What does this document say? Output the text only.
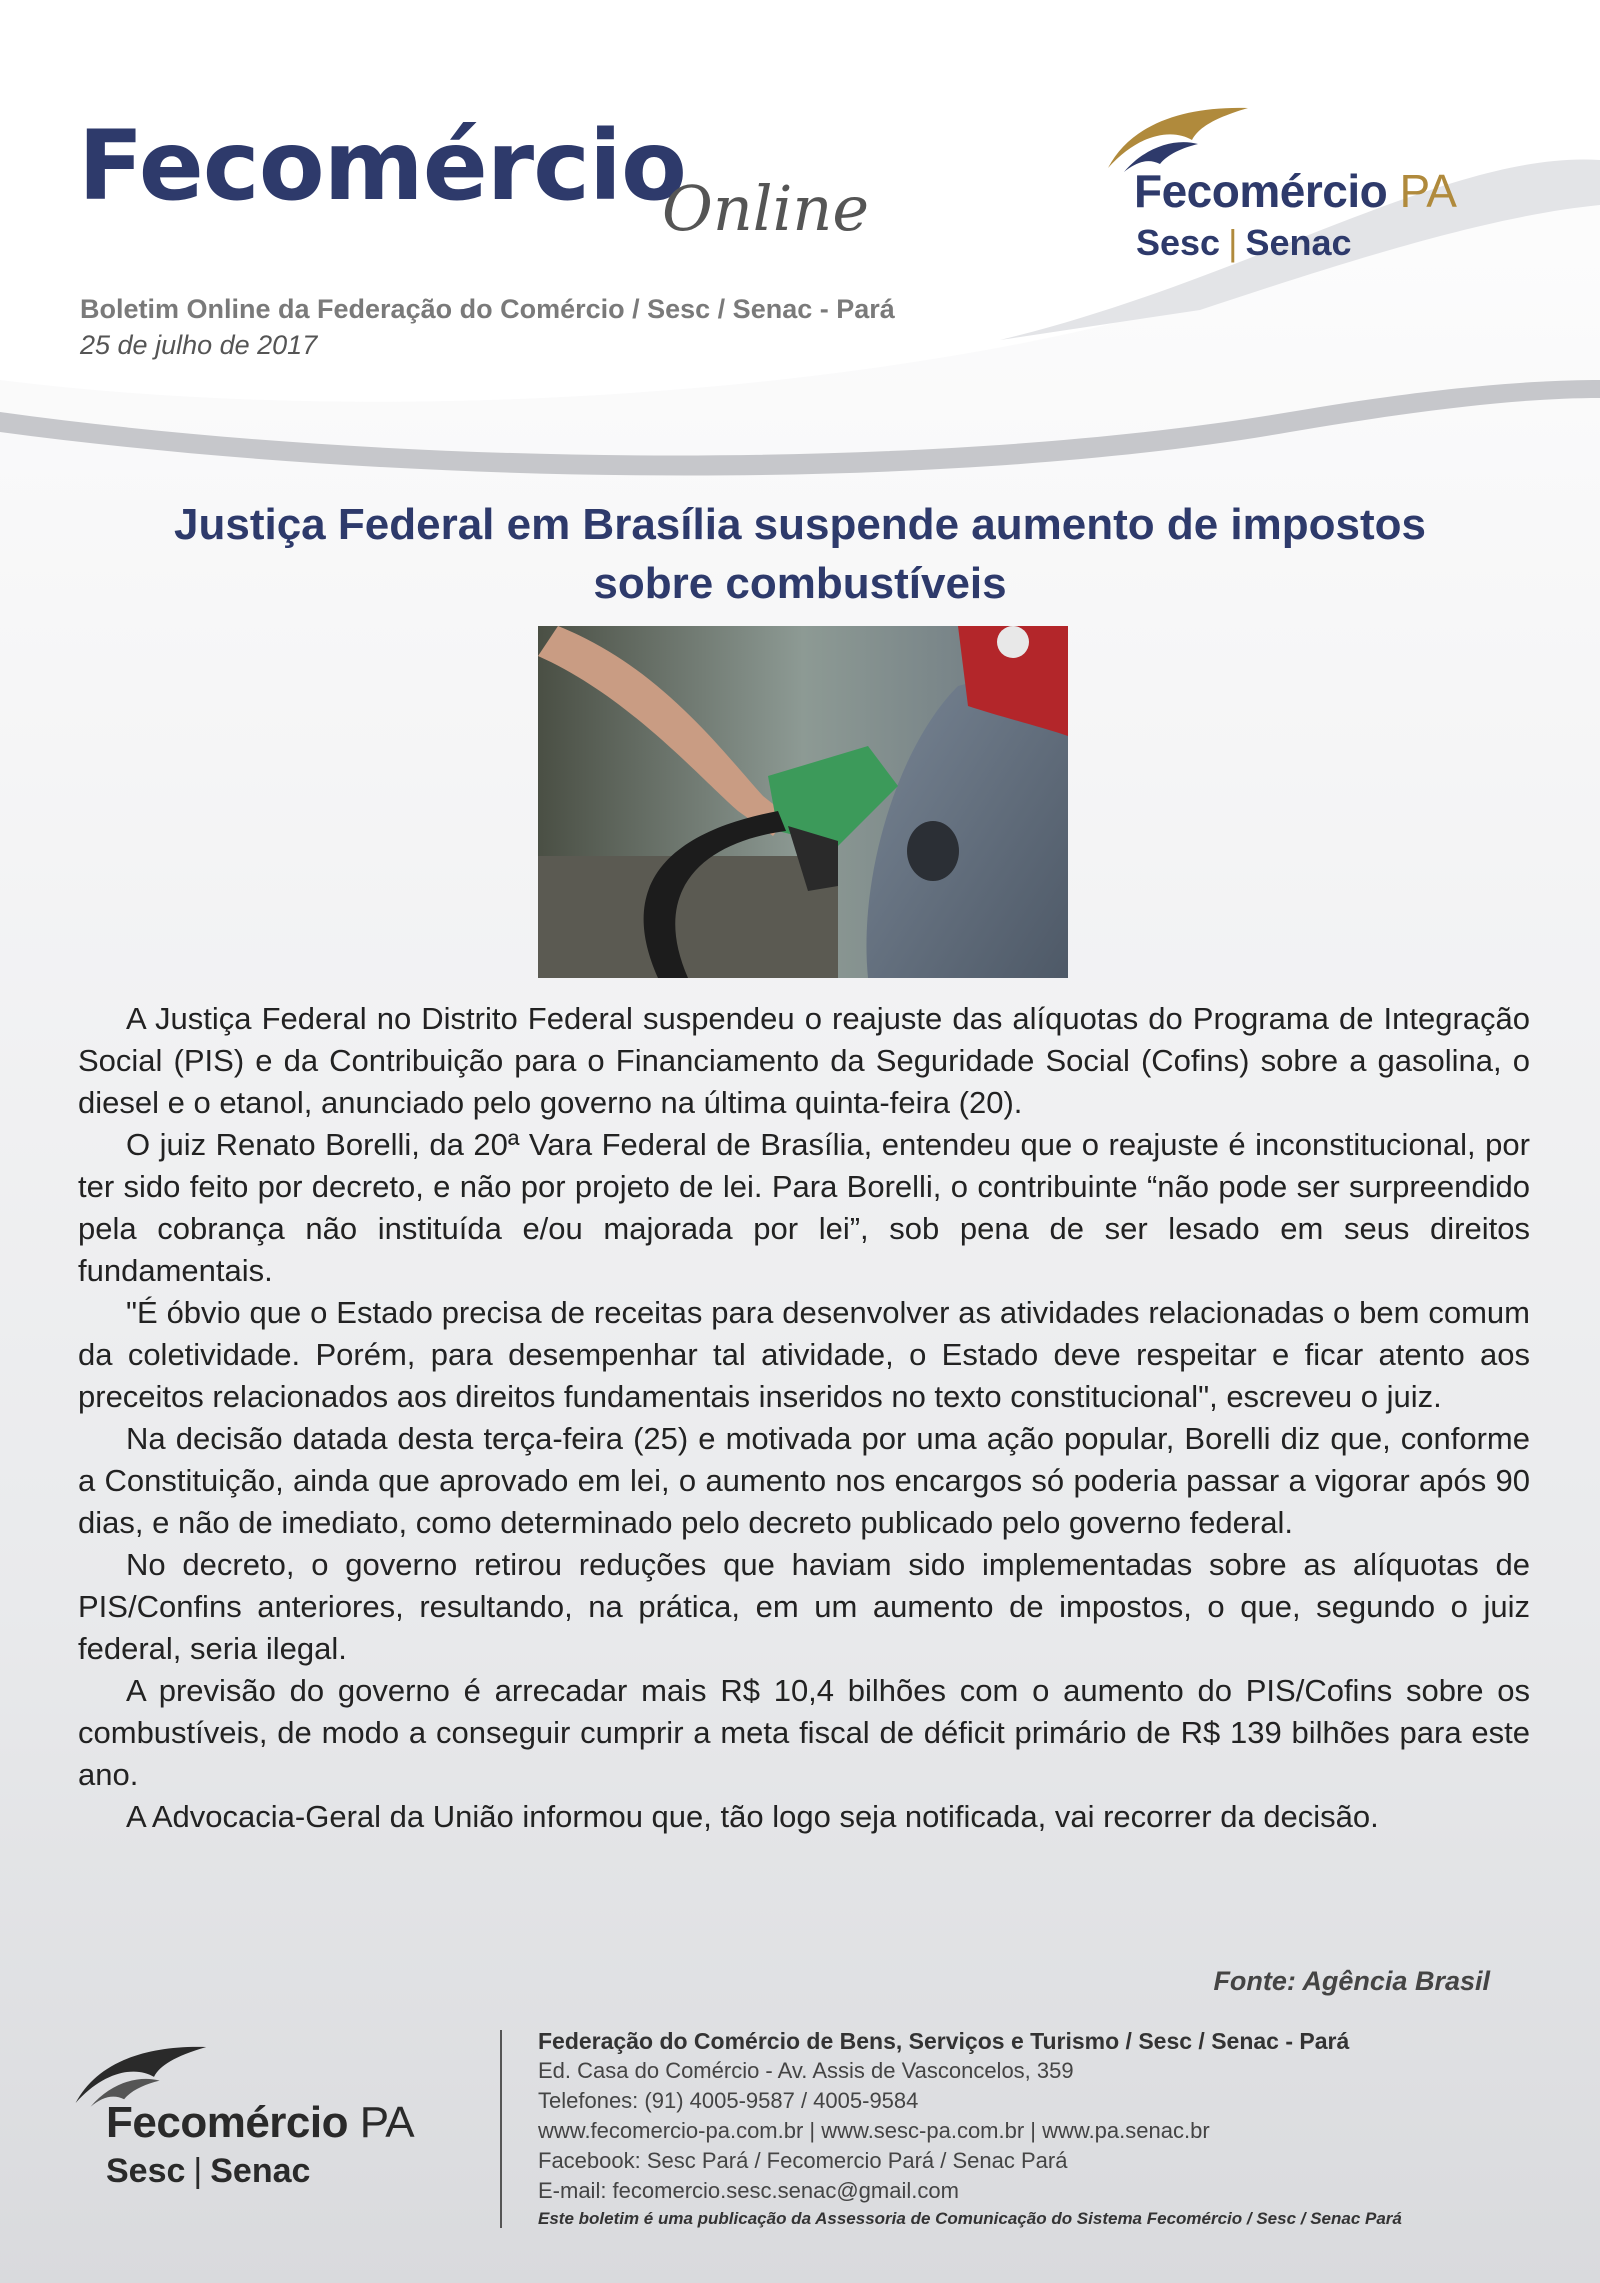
Fecomércio
Online
Boletim Online da Federação do Comércio / Sesc / Senac - Pará
25 de julho de 2017
Fecomércio PA
Sesc | Senac
Justiça Federal em Brasília suspende aumento de impostos sobre combustíveis

A Justiça Federal no Distrito Federal suspendeu o reajuste das alíquotas do Programa de Integração Social (PIS) e da Contribuição para o Financiamento da Seguridade Social (Cofins) sobre a gasolina, o diesel e o etanol, anunciado pelo governo na última quinta-feira (20).

O juiz Renato Borelli, da 20ª Vara Federal de Brasília, entendeu que o reajuste é inconstitucional, por ter sido feito por decreto, e não por projeto de lei. Para Borelli, o contribuinte “não pode ser surpreendido pela cobrança não instituída e/ou majorada por lei”, sob pena de ser lesado em seus direitos fundamentais.

"É óbvio que o Estado precisa de receitas para desenvolver as atividades relacionadas o bem comum da coletividade. Porém, para desempenhar tal atividade, o Estado deve respeitar e ficar atento aos preceitos relacionados aos direitos fundamentais inseridos no texto constitucional", escreveu o juiz.

Na decisão datada desta terça-feira (25) e motivada por uma ação popular, Borelli diz que, conforme a Constituição, ainda que aprovado em lei, o aumento nos encargos só poderia passar a vigorar após 90 dias, e não de imediato, como determinado pelo decreto publicado pelo governo federal.

No decreto, o governo retirou reduções que haviam sido implementadas sobre as alíquotas de PIS/Confins anteriores, resultando, na prática, em um aumento de impostos, o que, segundo o juiz federal, seria ilegal.

A previsão do governo é arrecadar mais R$ 10,4 bilhões com o aumento do PIS/Cofins sobre os combustíveis, de modo a conseguir cumprir a meta fiscal de déficit primário de R$ 139 bilhões para este ano.

A Advocacia-Geral da União informou que, tão logo seja notificada, vai recorrer da decisão.

Fonte: Agência Brasil
Fecomércio PA
Sesc | Senac
Federação do Comércio de Bens, Serviços e Turismo / Sesc / Senac - Pará
Ed. Casa do Comércio - Av. Assis de Vasconcelos, 359
Telefones: (91) 4005-9587 / 4005-9584
www.fecomercio-pa.com.br | www.sesc-pa.com.br | www.pa.senac.br
Facebook: Sesc Pará / Fecomercio Pará / Senac Pará
E-mail: fecomercio.sesc.senac@gmail.com
Este boletim é uma publicação da Assessoria de Comunicação do Sistema Fecomércio / Sesc / Senac Pará
